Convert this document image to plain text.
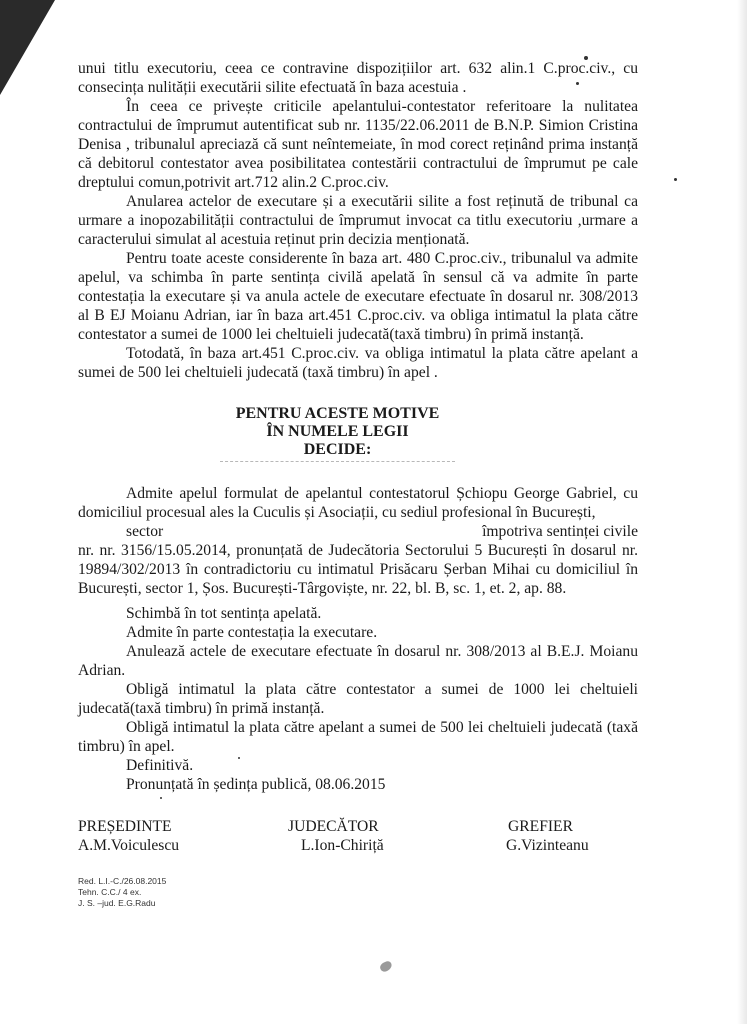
unui titlu executoriu, ceea ce contravine dispozițiilor art. 632 alin.1 C.proc.civ., cu consecința nulității executării silite efectuată în baza acestuia .

În ceea ce privește criticile apelantului-contestator referitoare la nulitatea contractului de împrumut autentificat sub nr. 1135/22.06.2011 de B.N.P. Simion Cristina Denisa , tribunalul apreciază că sunt neîntemeiate, în mod corect reținând prima instanță că debitorul contestator avea posibilitatea contestării contractului de împrumut pe cale dreptului comun,potrivit art.712 alin.2 C.proc.civ.

Anularea actelor de executare și a executării silite a fost reținută de tribunal ca urmare a inopozabilității contractului de împrumut invocat ca titlu executoriu ,urmare a caracterului simulat al acestuia reținut prin decizia menționată.

Pentru toate aceste considerente în baza art. 480 C.proc.civ., tribunalul va admite apelul, va schimba în parte sentința civilă apelată în sensul că va admite în parte contestația la executare și va anula actele de executare efectuate în dosarul nr. 308/2013 al B EJ Moianu Adrian, iar în baza art.451 C.proc.civ. va obliga intimatul la plata către contestator a sumei de 1000 lei cheltuieli judecată(taxă timbru) în primă instanță.

Totodată, în baza art.451 C.proc.civ. va obliga intimatul la plata către apelant a sumei de 500 lei cheltuieli judecată (taxă timbru) în apel .

PENTRU ACESTE MOTIVE
ÎN NUMELE LEGII
DECIDE:

Admite apelul formulat de apelantul contestatorul Șchiopu George Gabriel, cu domiciliul procesual ales la Cuculis și Asociații, cu sediul profesional în București,
sector	împotriva sentinței civile
nr. nr. 3156/15.05.2014, pronunțată de Judecătoria Sectorului 5 București în dosarul nr. 19894/302/2013 în contradictoriu cu intimatul Prisăcaru Șerban Mihai cu domiciliul în București, sector 1, Șos. București-Târgoviște, nr. 22, bl. B, sc. 1, et. 2, ap. 88.

Schimbă în tot sentința apelată.

Admite în parte contestația la executare.

Anulează actele de executare efectuate în dosarul nr. 308/2013 al B.E.J. Moianu Adrian.

Obligă intimatul la plata către contestator a sumei de 1000 lei cheltuieli judecată(taxă timbru) în primă instanță.

Obligă intimatul la plata către apelant a sumei de 500 lei cheltuieli judecată (taxă timbru) în apel.

Definitivă.

Pronunțată în ședința publică, 08.06.2015

PREȘEDINTE
A.M.Voiculescu
JUDECĂTOR
L.Ion-Chiriță
GREFIER
G.Vizinteanu
Red. L.I.-C./26.08.2015
Tehn. C.C./ 4 ex.
J. S. –jud. E.G.Radu
